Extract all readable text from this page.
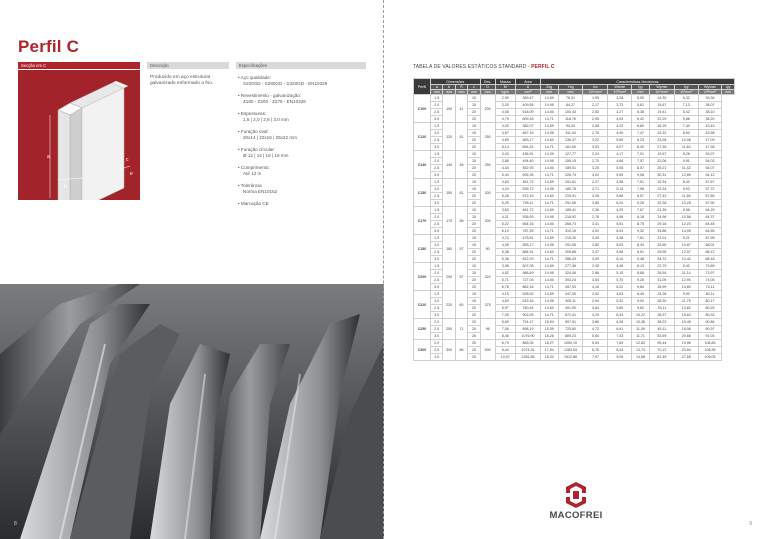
Perfil C
Secção em C	Descrição	Especificações
a
b
c
e
Produzido em aço estrutural galvanizado enformado a frio.
• Aço qualidade:
S220GD - S280GD - S320GD - EN10326
• Revestimento - galvanização:
Z180 - Z200 - Z275 - EN10326
• Espessuras:
1,5 | 2,0 | 2,5 | 3,0 mm
• Furação oval:
20x14 | 22x16 | 25x22 mm
• Furação circular:
Ø 12 | 14 | 16 | 18 mm
• Comprimento:
Até 12 m
• Tolerância
Norma EN10162
• Marcação CE
8
TABELA DE VALORES ESTÁTICOS STANDARD - PERFIL C
Perfil	Dimensões				Des.	Massa	Área	Características Mecânicas								
	a	b	R	c	D	M	A	Zxg	Yxg	Ixx	Wxmin	Iyy	Wymin	Iyy	Wymax	Iyy
	mm	mm	mm	mm	mm	kg/m	mm²	mm	mm	10⁴mm⁴	10³mm³	mm	10⁴mm⁴	10³mm³	10³mm³	mm
C100	1,5	100	41	15	200	2,90	369,47	14,59	78,31	1,95	3,28	5,50	14,30	6,32	39,36	
	2,0			15		3,20	409,55	14,95	84,27	2,17	3,73	5,61	15,67	7,13	38,07	
	2,5			20		4,08	518,09	14,60	100,43	2,53	4,27	6,38	19,41	8,42	38,10	
	3,0			20		4,79	609,18	14,71	118,76	2,95	4,93	6,42	22,29	9,86	38,20	
C120	1,5	120	51	15	250	3,00	382,07	14,59	94,44	2,08	4,22	6,80	16,25	7,40	43,43	
	2,0			15		3,67	467,15	14,95	111,44	2,76	4,90	7,47	19,32	8,50	43,58	
	2,5			20		4,59	583,17	14,60	136,37	3,22	5,59	8,23	23,28	10,06	47,09	
	3,0			20		5,14	654,24	14,71	161,60	3,53	6,07	8,30	27,35	11,63	47,38	
C140	1,5	140	46	15	250	3,43	436,91	14,39	127,77	2,24	4,17	7,01	19,57	8,26	53,97	
	2,0			15		3,88	494,40	14,95	159,15	2,70	4,66	7,57	22,06	9,91	54,02	
	2,5			20		4,34	552,93	14,60	189,51	3,25	5,05	8,57	26,21	11,42	54,07	
	3,0			20		5,44	692,26	14,71	226,74	4,02	5,55	9,08	30,31	12,89	54,12	
C150	1,5	150	61	15	300	3,63	461,72	14,59	151,61	2,27	4,56	7,51	19,34	8,42	57,67	
	2,0			15		4,24	539,72	14,95	180,78	2,71	5,14	7,98	23,34	9,93	57,72	
	2,5			20		5,28	672,15	14,60	215,91	3,28	5,68	8,57	27,43	11,65	57,85	
	3,0			20		6,25	795,11	14,71	251,56	3,85	6,24	9,25	32,38	13,25	57,90	
C170	1,5	170	56	15	300	3,63	461,72	14,59	189,41	2,36	4,29	7,67	21,39	8,98	64,29	
	2,0			15		4,21	536,93	14,95	218,92	2,76	4,96	8,18	24,96	10,56	64,37	
	2,5			20		5,22	664,16	14,60	266,73	3,41	5,51	8,75	29,18	12,23	64,48	
	3,0			20		6,19	787,25	14,71	310,15	4,02	6,03	9,32	33,86	14,05	64,55	
C180	1,5	180	57	15	90	3,74	476,51	14,59	215,30	2,40	4,36	7,81	22,01	9,21	67,95	
	2,0			15		4,35	553,17	14,95	251,55	2,80	5,03	8,34	25,60	10,87	68,01	
	2,5			20		5,38	684,91	14,60	305,86	3,47	5,58	8,91	29,95	12,57	68,12	
	3,0			20		6,38	812,29	14,71	356,43	4,09	6,10	9,48	34,72	14,42	68,18	
C200	1,5	200	57	15	324	3,98	507,05	14,59	277,36	2,45	4,48	8,13	22,79	9,42	73,89	
	2,0			15		4,62	588,49	14,95	324,06	2,86	5,15	8,68	26,54	11,14	73,97	
	2,5			20		5,71	727,03	14,60	393,24	3,54	5,70	9,26	31,05	12,90	74,05	
	3,0			20		6,78	862,16	14,71	457,93	4,18	6,22	9,84	35,99	14,80	74,11	
C220	1,5	220	60	15	375	4,15	528,52	14,59	347,05	2,52	4,63	8,45	24,28	9,92	80,11	
	2,0			15		4,83	615,16	14,95	405,11	2,94	5,32	9,02	28,30	11,75	80,17	
	2,5			20		5,97	760,44	14,60	491,50	3,64	5,89	9,62	33,11	13,62	80,25	
	3,0			20		7,09	902,05	14,71	572,41	4,29	6,43	10,22	38,37	15,63	80,32	
C250	2,0	250	71	20	96	5,69	724,17	15,94	597,51	3,86	6,28	10,36	38,23	15,45	90,84	
	2,5			20		7,06	898,19	15,59	725,80	4,72	6,91	11,09	45,11	18,06	90,97	
	3,0			25		8,46	1076,90	16,26	869,23	5,60	7,43	11,71	52,69	20,66	91,03	
C300	2,0	300	86	25	500	6,79	865,05	18,27	1050,10	5,54	7,69	12,83	59,44	19,96	108,83	
	2,5			25		8,44	1074,91	17,94	1283,54	6,76	8,44	13,74	70,12	23,84	108,95	
	3,0			25		10,07	1281,85	18,30	1512,86	7,97	9,05	14,58	81,45	27,65	109,05	
MACOFREI
9
